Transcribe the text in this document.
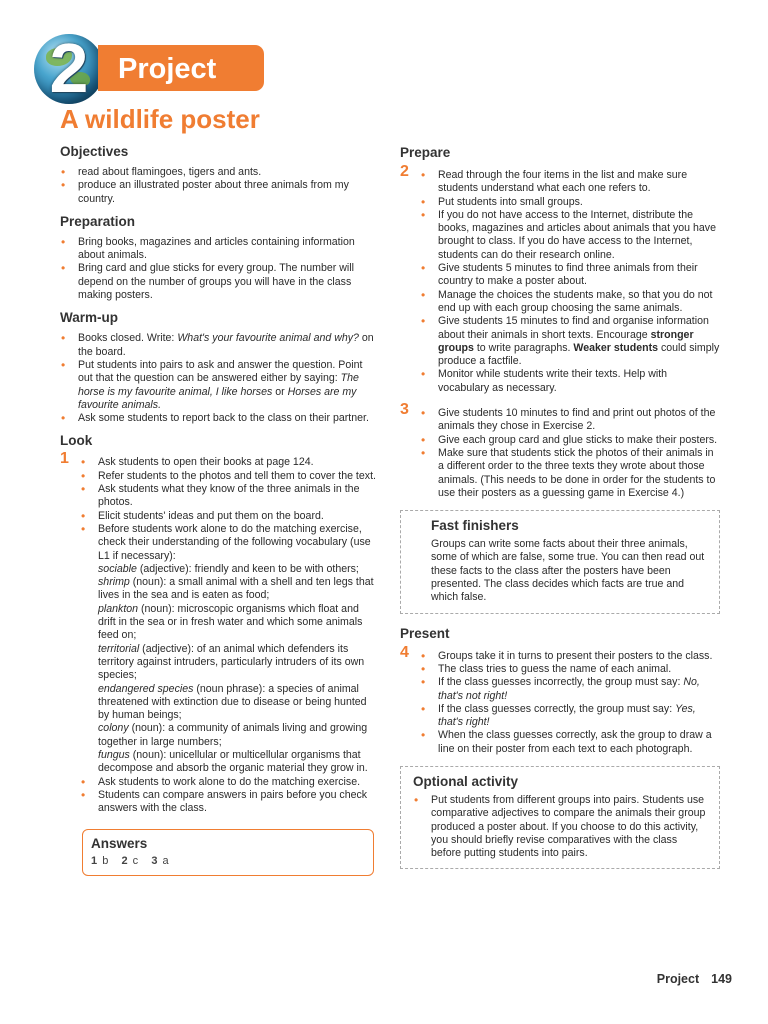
2	Project
A wildlife poster
Objectives
• read about flamingoes, tigers and ants.
• produce an illustrated poster about three animals from my country.
Preparation
• Bring books, magazines and articles containing information about animals.
• Bring card and glue sticks for every group. The number will depend on the number of groups you will have in the class making posters.
Warm-up
• Books closed. Write: What's your favourite animal and why? on the board.
• Put students into pairs to ask and answer the question. Point out that the question can be answered either by saying: The horse is my favourite animal, I like horses or Horses are my favourite animals.
• Ask some students to report back to the class on their partner.
Look
1	• Ask students to open their books at page 124.
• Refer students to the photos and tell them to cover the text.
• Ask students what they know of the three animals in the photos.
• Elicit students' ideas and put them on the board.
• Before students work alone to do the matching exercise, check their understanding of the following vocabulary (use L1 if necessary):
sociable (adjective): friendly and keen to be with others;
shrimp (noun): a small animal with a shell and ten legs that lives in the sea and is eaten as food;
plankton (noun): microscopic organisms which float and drift in the sea or in fresh water and which some animals feed on;
territorial (adjective): of an animal which defenders its territory against intruders, particularly intruders of its own species;
endangered species (noun phrase): a species of animal threatened with extinction due to disease or being hunted by human beings;
colony (noun): a community of animals living and growing together in large numbers;
fungus (noun): unicellular or multicellular organisms that decompose and absorb the organic material they grow in.
• Ask students to work alone to do the matching exercise.
• Students can compare answers in pairs before you check answers with the class.
Answers
1 b 2 c 3 a
Prepare
2	• Read through the four items in the list and make sure students understand what each one refers to.
• Put students into small groups.
• If you do not have access to the Internet, distribute the books, magazines and articles about animals that you have brought to class. If you do have access to the Internet, students can do their research online.
• Give students 5 minutes to find three animals from their country to make a poster about.
• Manage the choices the students make, so that you do not end up with each group choosing the same animals.
• Give students 15 minutes to find and organise information about their animals in short texts. Encourage stronger groups to write paragraphs. Weaker students could simply produce a factfile.
• Monitor while students write their texts. Help with vocabulary as necessary.
3	• Give students 10 minutes to find and print out photos of the animals they chose in Exercise 2.
• Give each group card and glue sticks to make their posters.
• Make sure that students stick the photos of their animals in a different order to the three texts they wrote about those animals. (This needs to be done in order for the students to use their posters as a guessing game in Exercise 4.)
Fast finishers

Groups can write some facts about their three animals, some of which are false, some true. You can then read out these facts to the class after the posters have been presented. The class decides which facts are true and which false.

Present
4	• Groups take it in turns to present their posters to the class.
• The class tries to guess the name of each animal.
• If the class guesses incorrectly, the group must say: No, that's not right!
• If the class guesses correctly, the group must say: Yes, that's right!
• When the class guesses correctly, ask the group to draw a line on their poster from each text to each photograph.
Optional activity
• Put students from different groups into pairs. Students use comparative adjectives to compare the animals their group produced a poster about. If you choose to do this activity, you should briefly revise comparatives with the class before putting students into pairs.
Project 149
